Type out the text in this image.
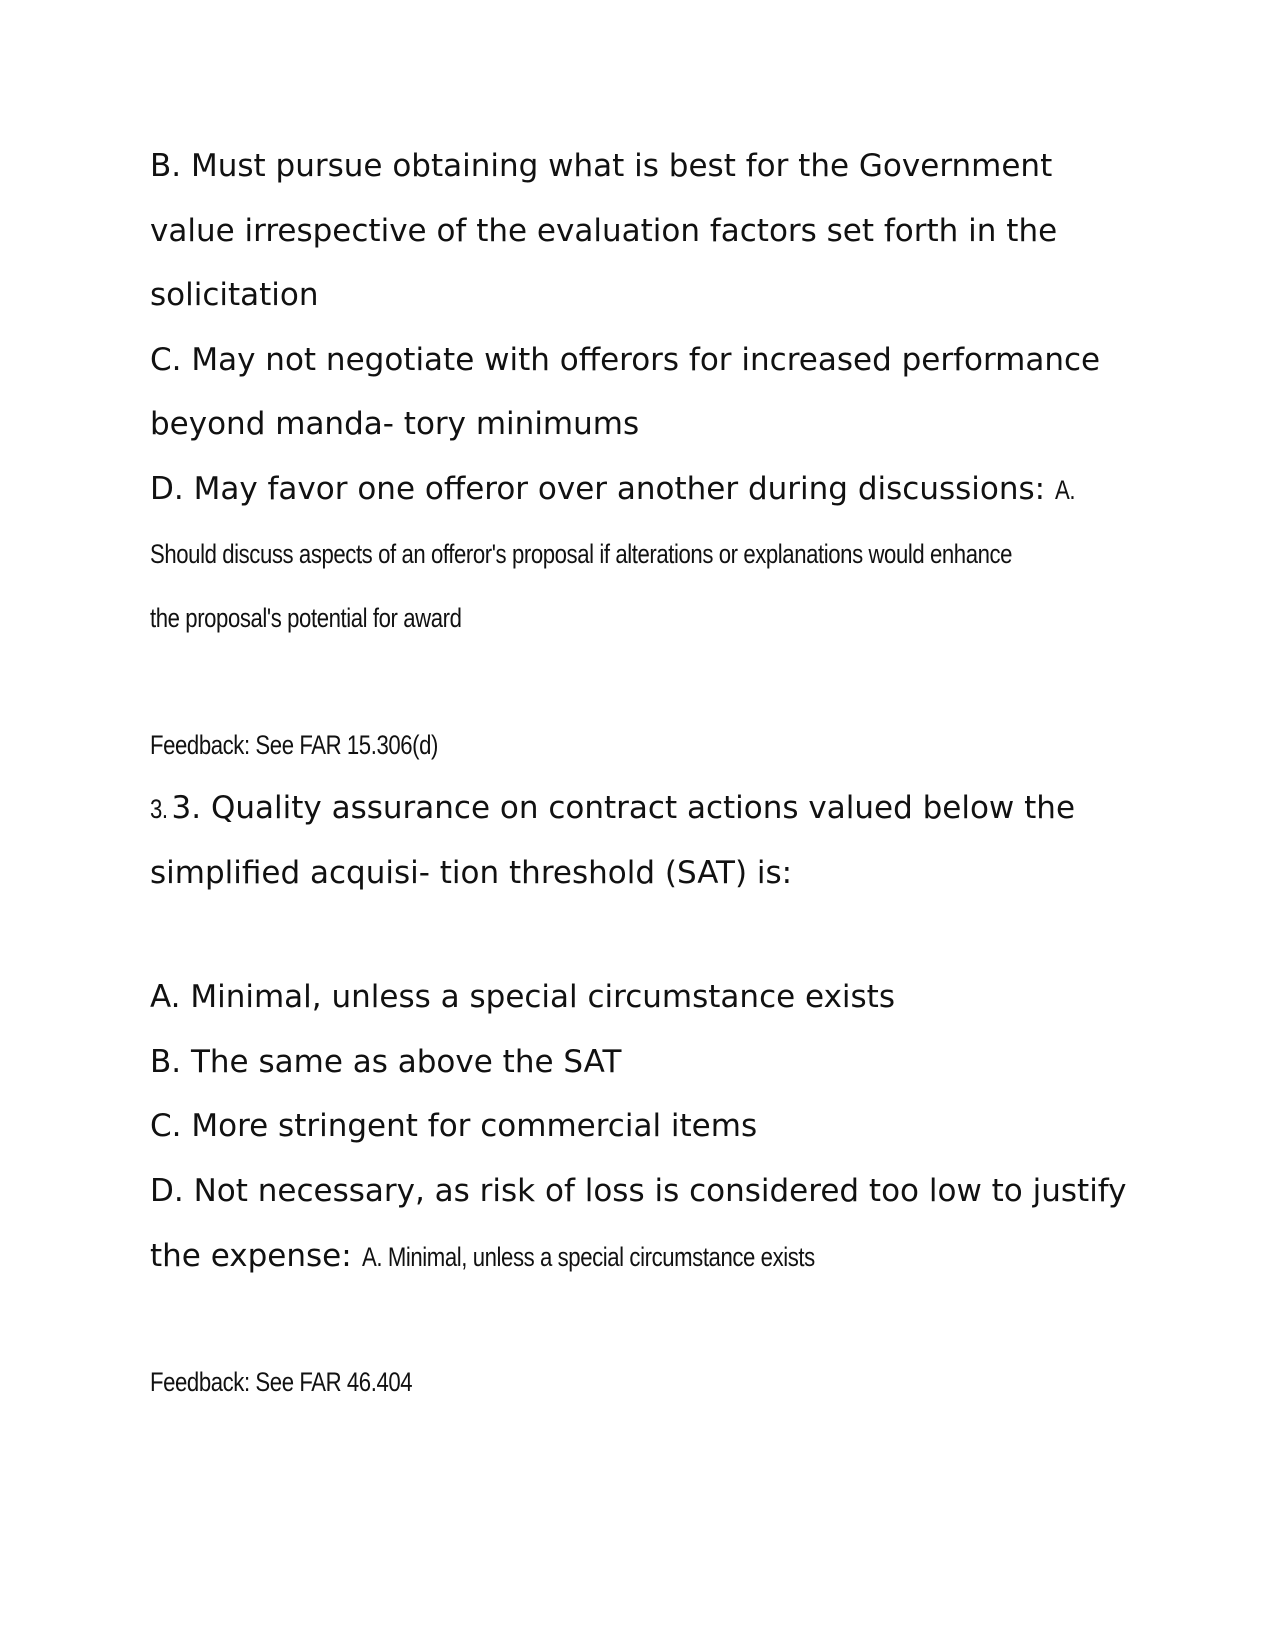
B. Must pursue obtaining what is best for the Government
value irrespective of the evaluation factors set forth in the
solicitation
C. May not negotiate with offerors for increased performance
beyond manda- tory minimums
D. May favor one offeror over another during discussions: A.
Should discuss aspects of an offeror's proposal if alterations or explanations would enhance
the proposal's potential for award
Feedback: See FAR 15.306(d)
3. 3. Quality assurance on contract actions valued below the
simplified acquisi- tion threshold (SAT) is:
A. Minimal, unless a special circumstance exists
B. The same as above the SAT
C. More stringent for commercial items
D. Not necessary, as risk of loss is considered too low to justify
the expense: A. Minimal, unless a special circumstance exists
Feedback: See FAR 46.404
